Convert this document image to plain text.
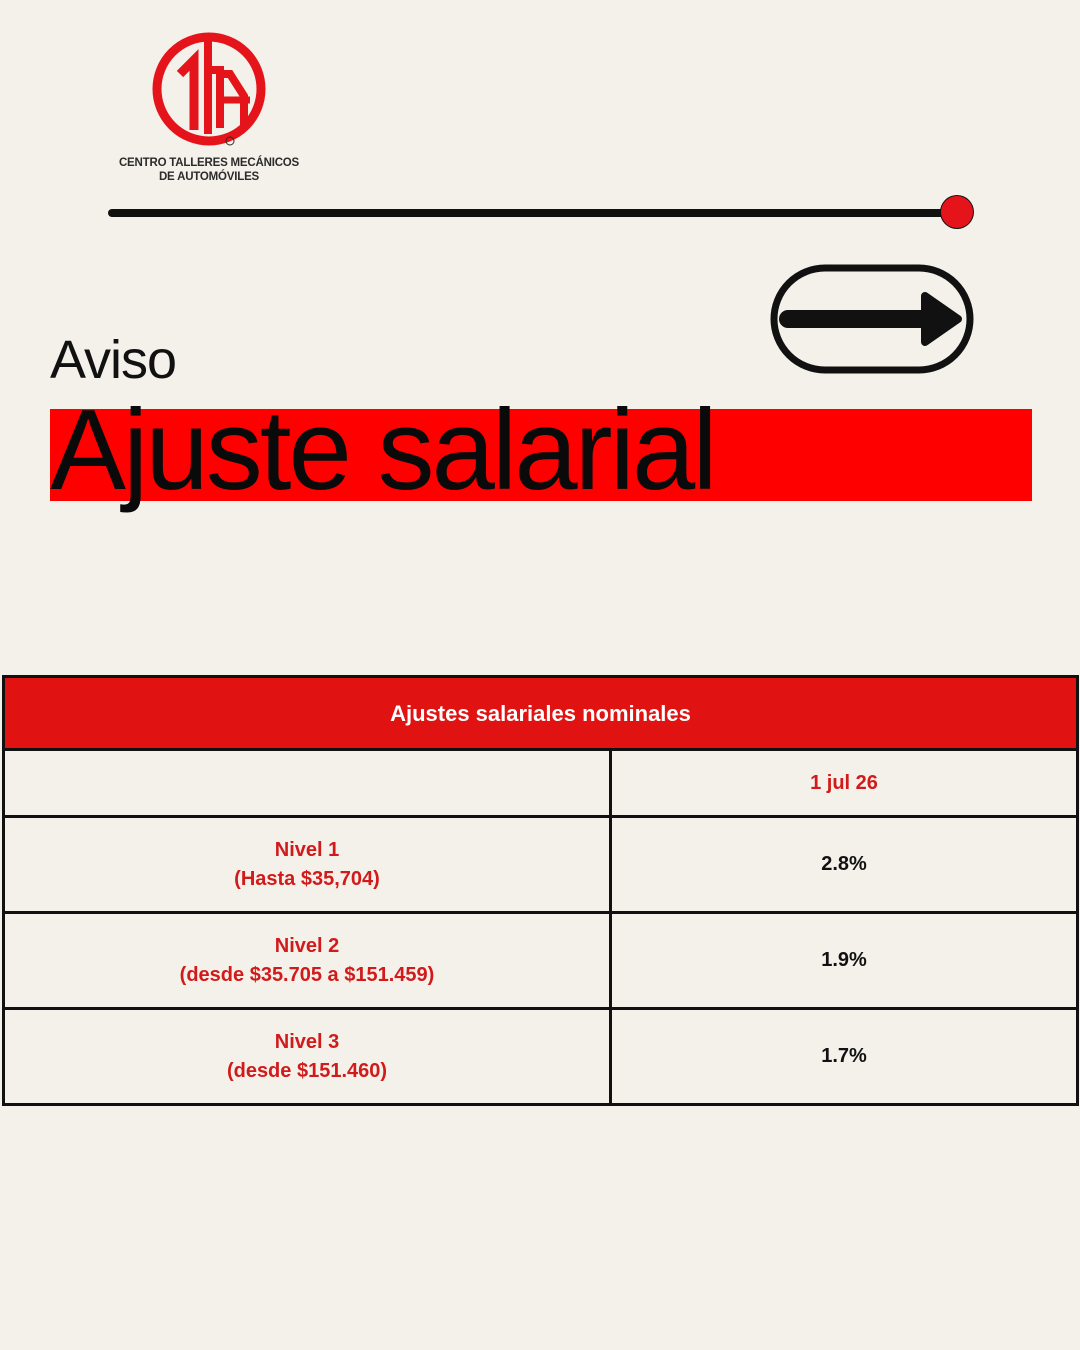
CENTRO TALLERES MECÁNICOS
DE AUTOMÓVILES
Aviso
Ajuste salarial
Ajustes salariales nominales	
	1 jul 26

Nivel 1
(Hasta $35,704)	2.8%

Nivel 2
(desde $35.705 a $151.459)	1.9%

Nivel 3
(desde $151.460)	1.7%
